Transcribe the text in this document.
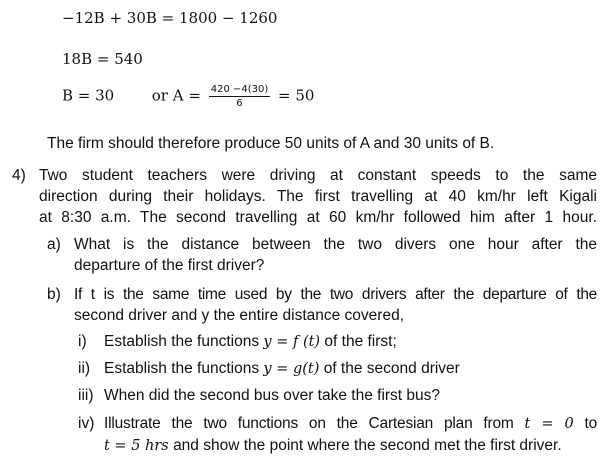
−12B + 30B = 1800 − 1260
18B = 540
B = 30	or $A = \frac{420 -4(30)}{6} = 50$
The firm should therefore produce 50 units of A and 30 units of B.
4) Two student teachers were driving at constant speeds to the same
direction during their holidays. The first travelling at 40 km/hr left Kigali
at 8:30 a.m. The second travelling at 60 km/hr followed him after 1 hour.
a) What is the distance between the two divers one hour after the
departure of the first driver?
b) If t is the same time used by the two drivers after the departure of the
second driver and y the entire distance covered,
i) Establish the functions y = f (t) of the first;
ii) Establish the functions y = g(t) of the second driver
iii) When did the second bus over take the first bus?
iv) Illustrate the two functions on the Cartesian plan from t = 0 to
t = 5 hrs and show the point where the second met the first driver.
